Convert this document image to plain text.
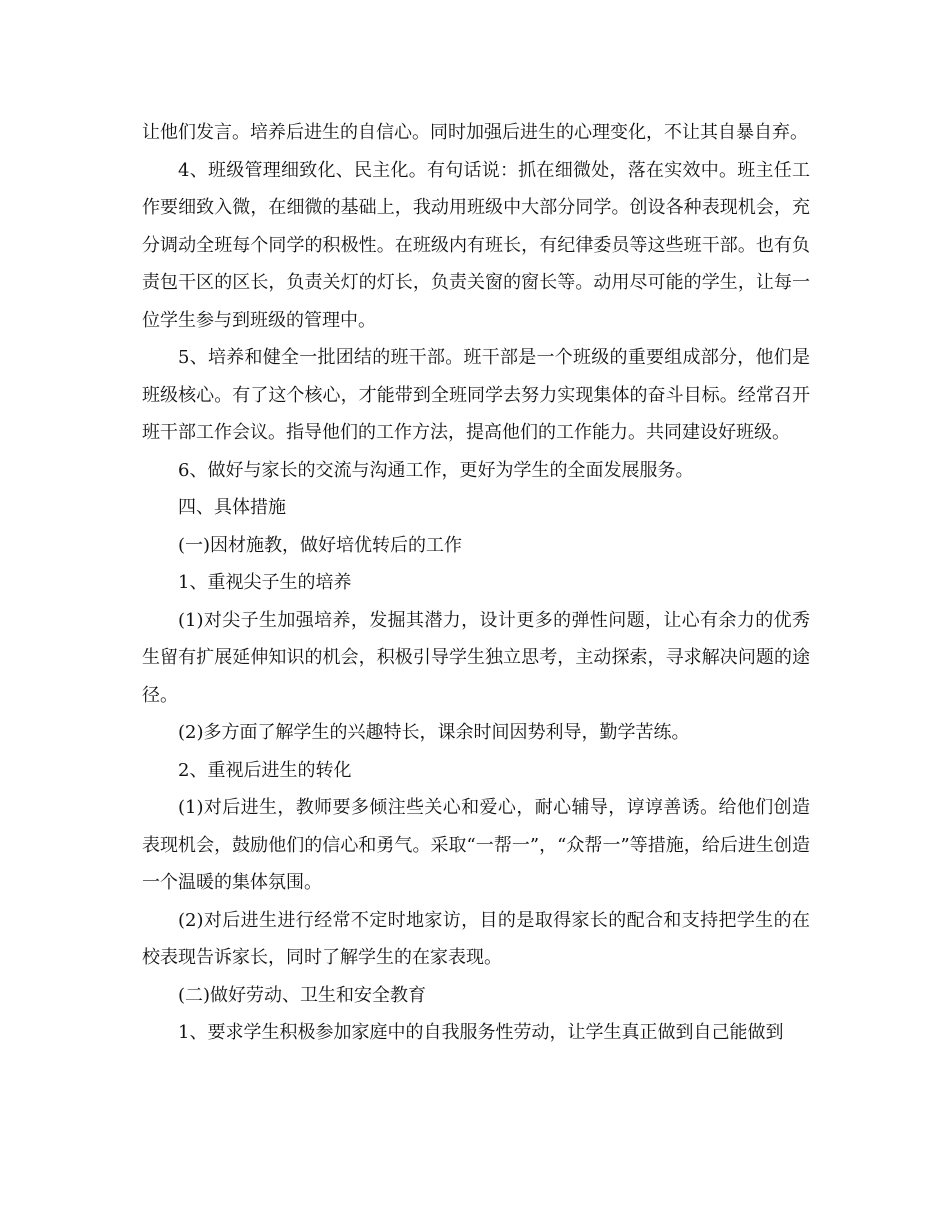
让他们发言。培养后进生的自信心。同时加强后进生的心理变化，不让其自暴自弃。

4、班级管理细致化、民主化。有句话说：抓在细微处，落在实效中。班主任工作要细致入微，在细微的基础上，我动用班级中大部分同学。创设各种表现机会，充分调动全班每个同学的积极性。在班级内有班长，有纪律委员等这些班干部。也有负责包干区的区长，负责关灯的灯长，负责关窗的窗长等。动用尽可能的学生，让每一位学生参与到班级的管理中。

5、培养和健全一批团结的班干部。班干部是一个班级的重要组成部分，他们是班级核心。有了这个核心，才能带到全班同学去努力实现集体的奋斗目标。经常召开班干部工作会议。指导他们的工作方法，提高他们的工作能力。共同建设好班级。

6、做好与家长的交流与沟通工作，更好为学生的全面发展服务。

四、具体措施

(一)因材施教，做好培优转后的工作

1、重视尖子生的培养

(1)对尖子生加强培养，发掘其潜力，设计更多的弹性问题，让心有余力的优秀生留有扩展延伸知识的机会，积极引导学生独立思考，主动探索，寻求解决问题的途径。

(2)多方面了解学生的兴趣特长，课余时间因势利导，勤学苦练。

2、重视后进生的转化

(1)对后进生，教师要多倾注些关心和爱心，耐心辅导，谆谆善诱。给他们创造表现机会，鼓励他们的信心和勇气。采取“一帮一”，“众帮一”等措施，给后进生创造一个温暖的集体氛围。

(2)对后进生进行经常不定时地家访，目的是取得家长的配合和支持把学生的在校表现告诉家长，同时了解学生的在家表现。

(二)做好劳动、卫生和安全教育

1、要求学生积极参加家庭中的自我服务性劳动，让学生真正做到自己能做到
